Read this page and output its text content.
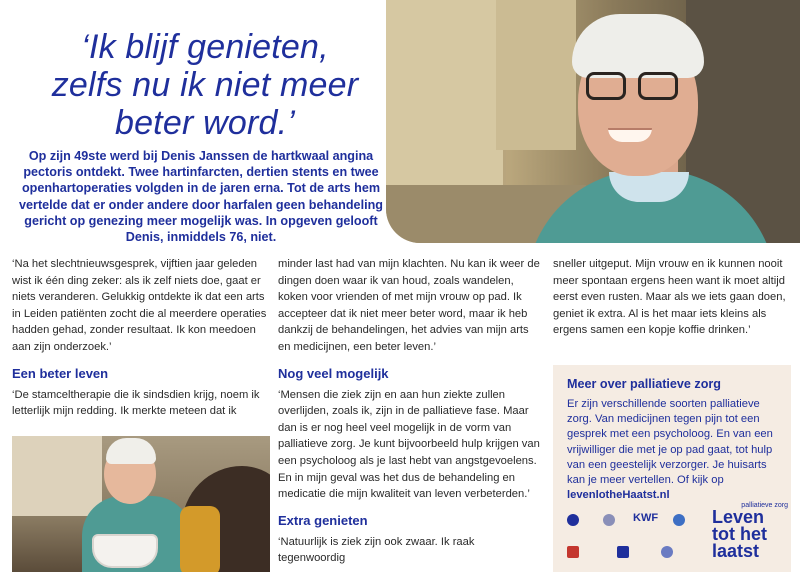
‘Ik blijf genieten,
zelfs nu ik niet meer
beter word.’
Op zijn 49ste werd bij Denis Janssen de hartkwaal angina pectoris ontdekt. Twee hartinfarcten, dertien stents en twee openhartoperaties volgden in de jaren erna. Tot de arts hem vertelde dat er onder andere door harfalen geen behandeling gericht op genezing meer mogelijk was. In opgeven gelooft Denis, inmiddels 76, niet.

‘Na het slechtnieuwsgesprek, vijftien jaar geleden wist ik één ding zeker: als ik zelf niets doe, gaat er niets veranderen. Gelukkig ontdekte ik dat een arts in Leiden patiënten zocht die al meerdere operaties hadden gehad, zonder resultaat. Ik kon meedoen aan zijn onderzoek.’

Een beter leven

‘De stamceltherapie die ik sindsdien krijg, noem ik letterlijk mijn redding. Ik merkte meteen dat ik

minder last had van mijn klachten. Nu kan ik weer de dingen doen waar ik van houd, zoals wandelen, koken voor vrienden of met mijn vrouw op pad. Ik accepteer dat ik niet meer beter word, maar ik heb dankzij de behandelingen, het advies van mijn arts en medicijnen, een beter leven.’

Nog veel mogelijk

‘Mensen die ziek zijn en aan hun ziekte zullen overlijden, zoals ik, zijn in de palliatieve fase. Maar dan is er nog heel veel mogelijk in de vorm van palliatieve zorg. Je kunt bijvoorbeeld hulp krijgen van een psycholoog als je last hebt van angstgevoelens. En in mijn geval was het dus de behandeling en medicatie die mijn kwaliteit van leven verbeterden.’

Extra genieten

‘Natuurlijk is ziek zijn ook zwaar. Ik raak tegenwoordig

sneller uitgeput. Mijn vrouw en ik kunnen nooit meer spontaan ergens heen want ik moet altijd eerst even rusten. Maar als we iets gaan doen, geniet ik extra. Al is het maar iets kleins als ergens samen een kopje koffie drinken.’

Meer over palliatieve zorg
Er zijn verschillende soorten palliatieve zorg. Van medicijnen tegen pijn tot een gesprek met een psycholoog. En van een vrijwilliger die met je op pad gaat, tot hulp van een geestelijk verzorger. Je huisarts kan je meer vertellen. Of kijk op levenlotheHaatst.nl
KWF
palliatieve zorg
Leven
tot het
laatst
